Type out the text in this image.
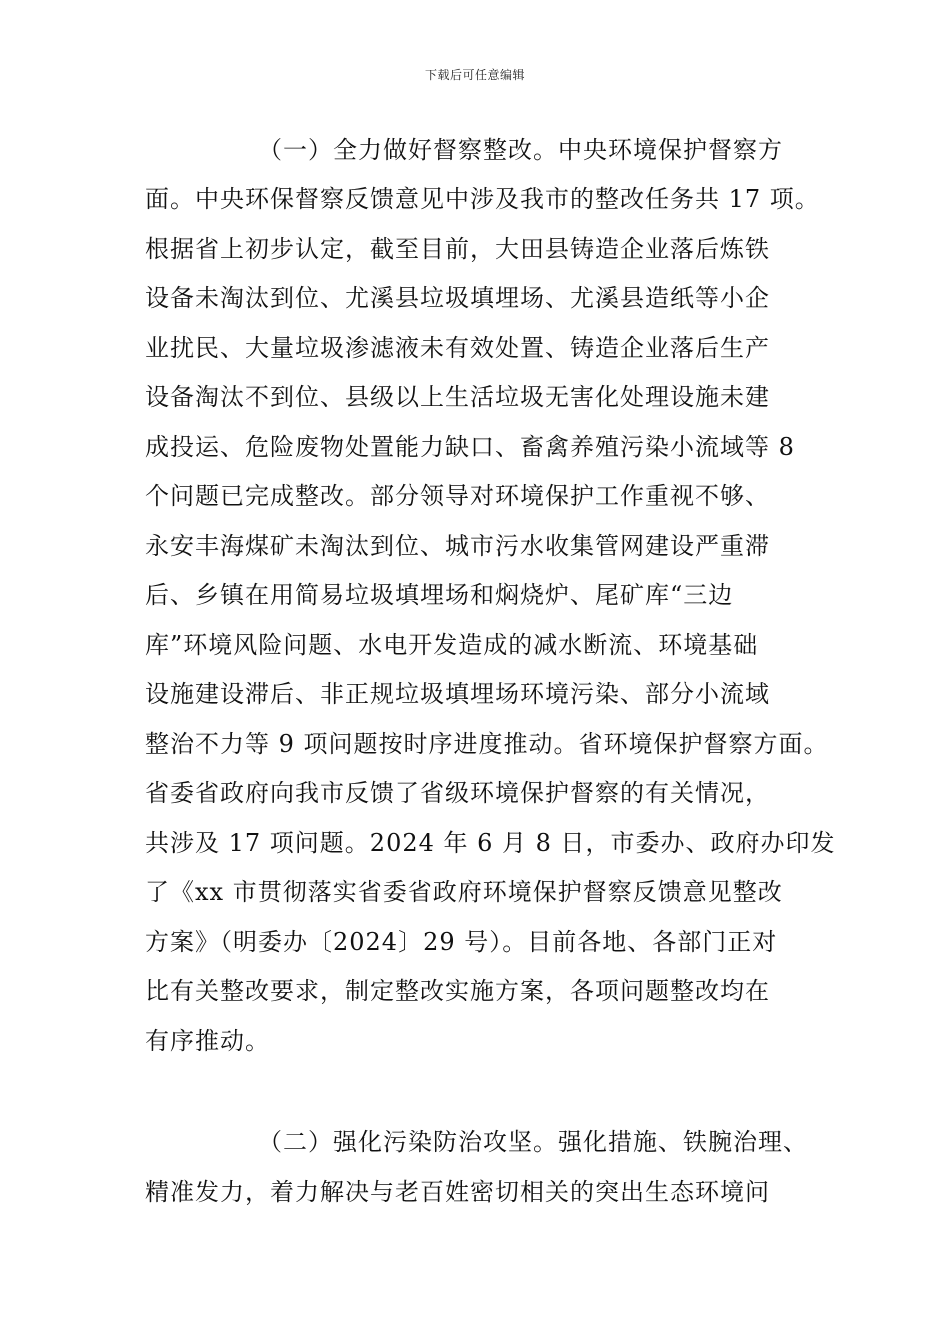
下载后可任意编辑
（一）全力做好督察整改。中央环境保护督察方
面。中央环保督察反馈意见中涉及我市的整改任务共 17 项。
根据省上初步认定，截至目前，大田县铸造企业落后炼铁
设备未淘汰到位、尤溪县垃圾填埋场、尤溪县造纸等小企
业扰民、大量垃圾渗滤液未有效处置、铸造企业落后生产
设备淘汰不到位、县级以上生活垃圾无害化处理设施未建
成投运、危险废物处置能力缺口、畜禽养殖污染小流域等 8
个问题已完成整改。部分领导对环境保护工作重视不够、
永安丰海煤矿未淘汰到位、城市污水收集管网建设严重滞
后、乡镇在用简易垃圾填埋场和焖烧炉、尾矿库“三边
库”环境风险问题、水电开发造成的减水断流、环境基础
设施建设滞后、非正规垃圾填埋场环境污染、部分小流域
整治不力等 9 项问题按时序进度推动。省环境保护督察方面。
省委省政府向我市反馈了省级环境保护督察的有关情况，
共涉及 17 项问题。2024 年 6 月 8 日，市委办、政府办印发
了《xx 市贯彻落实省委省政府环境保护督察反馈意见整改
方案》（明委办〔2024〕29 号）。目前各地、各部门正对
比有关整改要求，制定整改实施方案，各项问题整改均在
有序推动。
（二）强化污染防治攻坚。强化措施、铁腕治理、
精准发力，着力解决与老百姓密切相关的突出生态环境问
